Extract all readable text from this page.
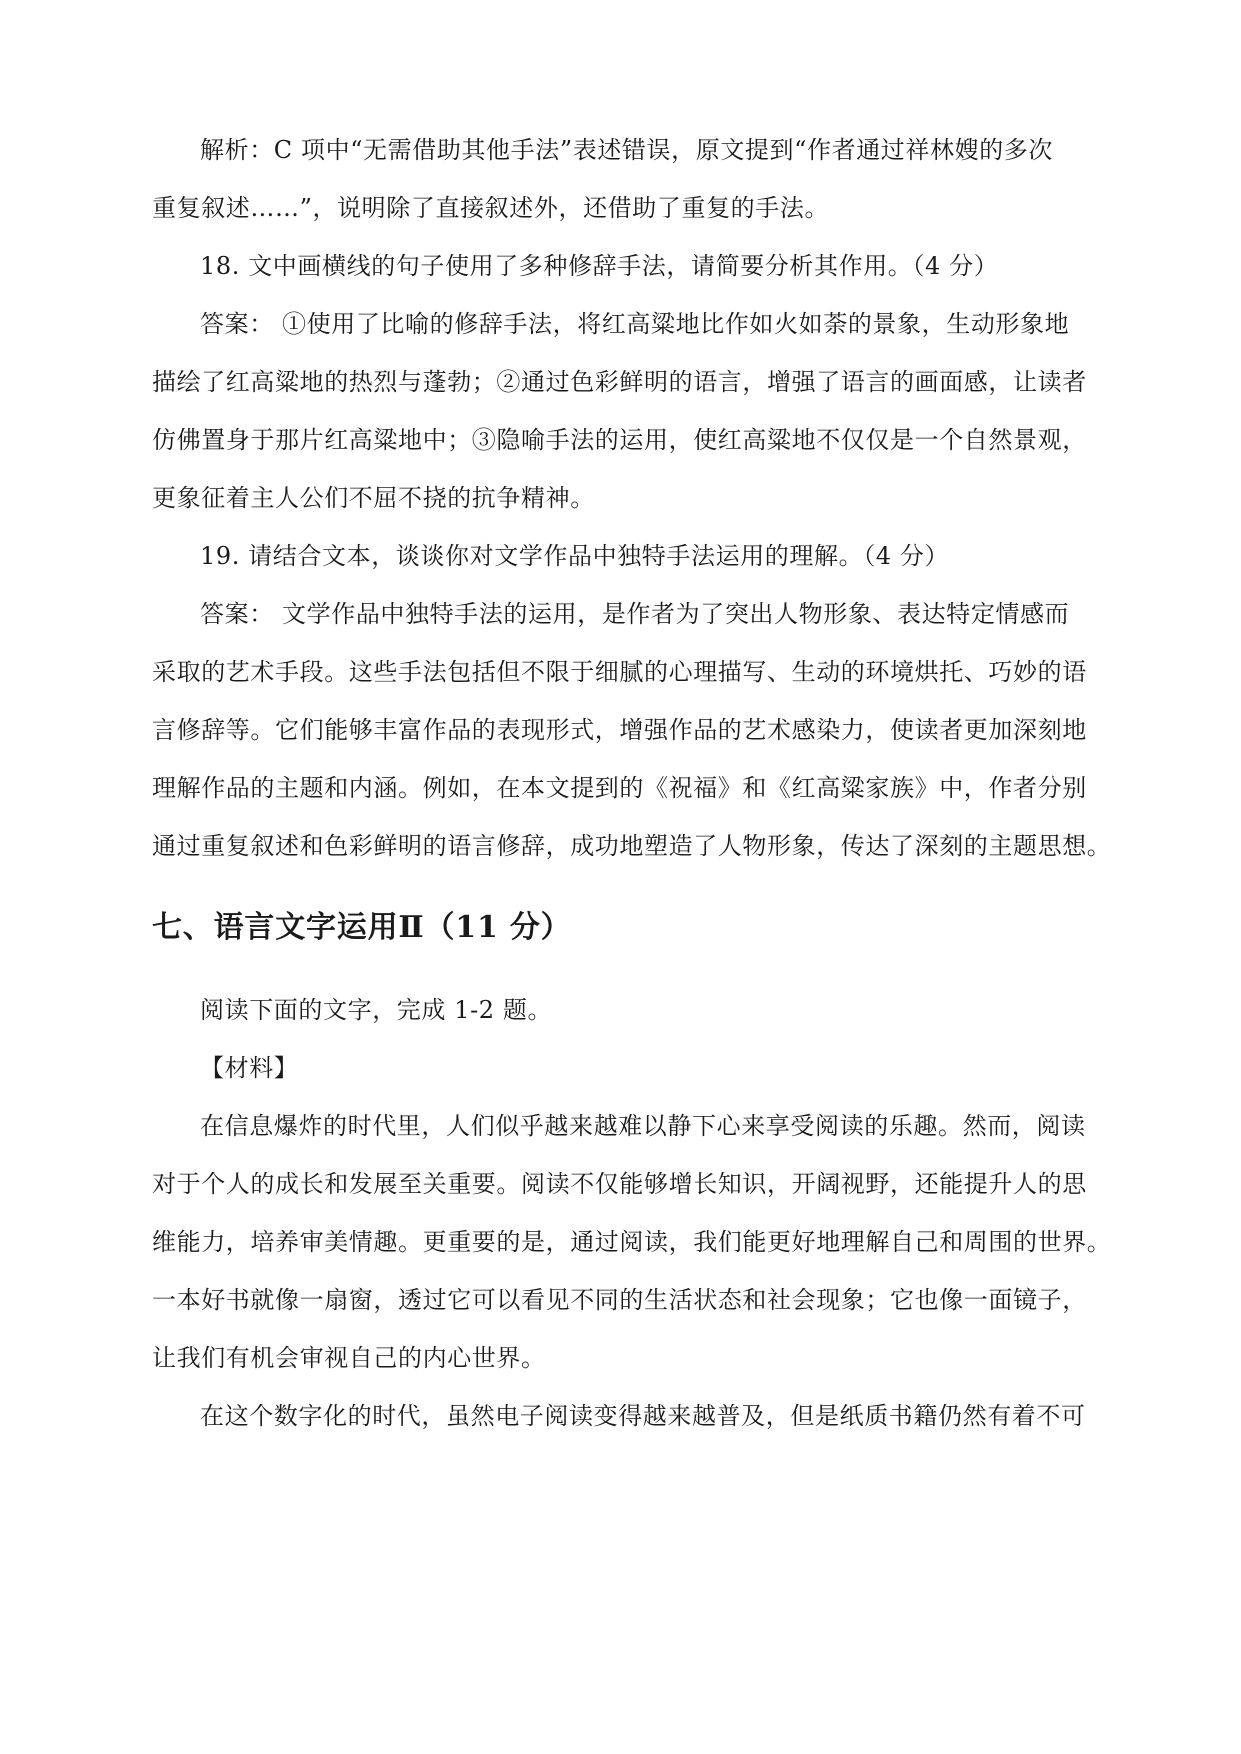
解析：C 项中“无需借助其他手法”表述错误，原文提到“作者通过祥林嫂的多次
重复叙述……”，说明除了直接叙述外，还借助了重复的手法。
18. 文中画横线的句子使用了多种修辞手法，请简要分析其作用。（4 分）
答案： ①使用了比喻的修辞手法，将红高粱地比作如火如荼的景象，生动形象地
描绘了红高粱地的热烈与蓬勃；②通过色彩鲜明的语言，增强了语言的画面感，让读者
仿佛置身于那片红高粱地中；③隐喻手法的运用，使红高粱地不仅仅是一个自然景观，
更象征着主人公们不屈不挠的抗争精神。
19. 请结合文本，谈谈你对文学作品中独特手法运用的理解。（4 分）
答案： 文学作品中独特手法的运用，是作者为了突出人物形象、表达特定情感而
采取的艺术手段。这些手法包括但不限于细腻的心理描写、生动的环境烘托、巧妙的语
言修辞等。它们能够丰富作品的表现形式，增强作品的艺术感染力，使读者更加深刻地
理解作品的主题和内涵。例如，在本文提到的《祝福》和《红高粱家族》中，作者分别
通过重复叙述和色彩鲜明的语言修辞，成功地塑造了人物形象，传达了深刻的主题思想。
七、语言文字运用Ⅱ（11 分）
阅读下面的文字，完成 1-2 题。
【材料】
在信息爆炸的时代里，人们似乎越来越难以静下心来享受阅读的乐趣。然而，阅读
对于个人的成长和发展至关重要。阅读不仅能够增长知识，开阔视野，还能提升人的思
维能力，培养审美情趣。更重要的是，通过阅读，我们能更好地理解自己和周围的世界。
一本好书就像一扇窗，透过它可以看见不同的生活状态和社会现象；它也像一面镜子，
让我们有机会审视自己的内心世界。
在这个数字化的时代，虽然电子阅读变得越来越普及，但是纸质书籍仍然有着不可
